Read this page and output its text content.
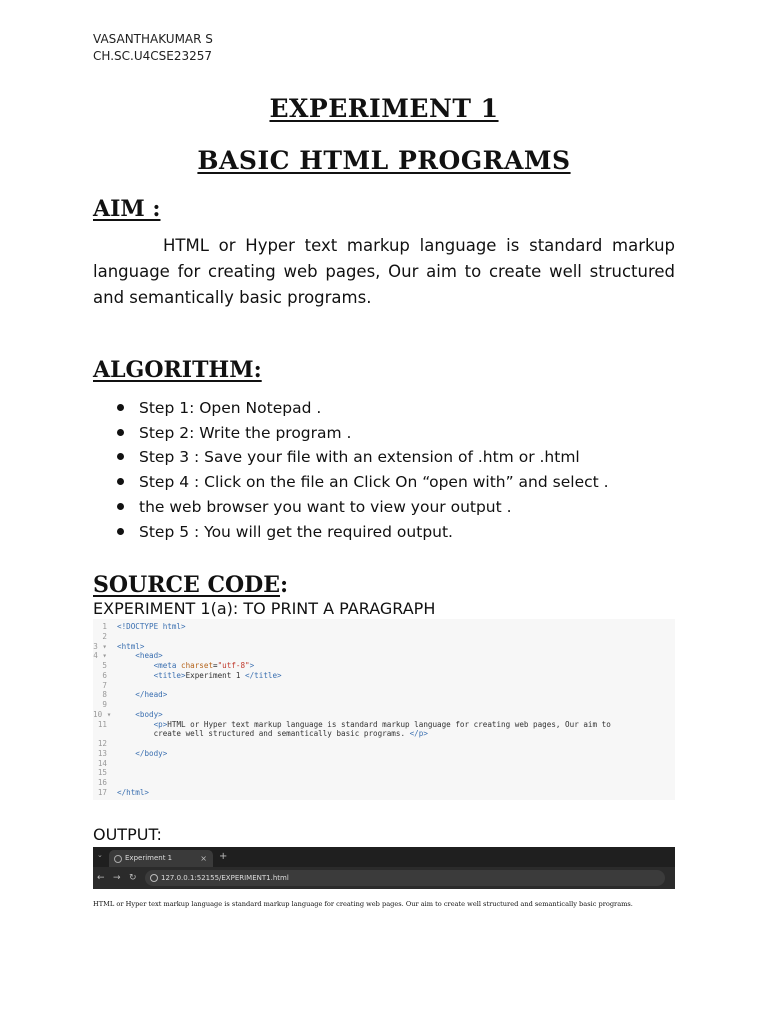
VASANTHAKUMAR S
CH.SC.U4CSE23257
EXPERIMENT 1
BASIC HTML PROGRAMS
AIM :
HTML or Hyper text markup language is standard markup language for creating web pages, Our aim to create well structured and semantically basic programs.
ALGORITHM:
Step 1: Open Notepad .
Step 2: Write the program .
Step 3 : Save your file with an extension of .htm or .html
Step 4 : Click on the file an Click On “open with” and select .
the web browser you want to view your output .
Step 5 : You will get the required output.
SOURCE CODE:
EXPERIMENT 1(a): TO PRINT A PARAGRAPH
1 <!DOCTYPE html>
2
3 ▾ <html>
4 ▾	<head>
5	<meta charset="utf-8">
6	<title>Experiment 1 </title>
7
8	</head>
9
10 ▾	<body>
11	<p>HTML or Hyper text markup language is standard markup language for creating web pages, Our aim to
create well structured and semantically basic programs. </p>
12
13	</body>
14
15
16
17 </html>
OUTPUT:
⌄	Experiment 1	× +
← → ↻	127.0.0.1:52155/EXPERIMENT1.html
HTML or Hyper text markup language is standard markup language for creating web pages. Our aim to create well structured and semantically basic programs.
